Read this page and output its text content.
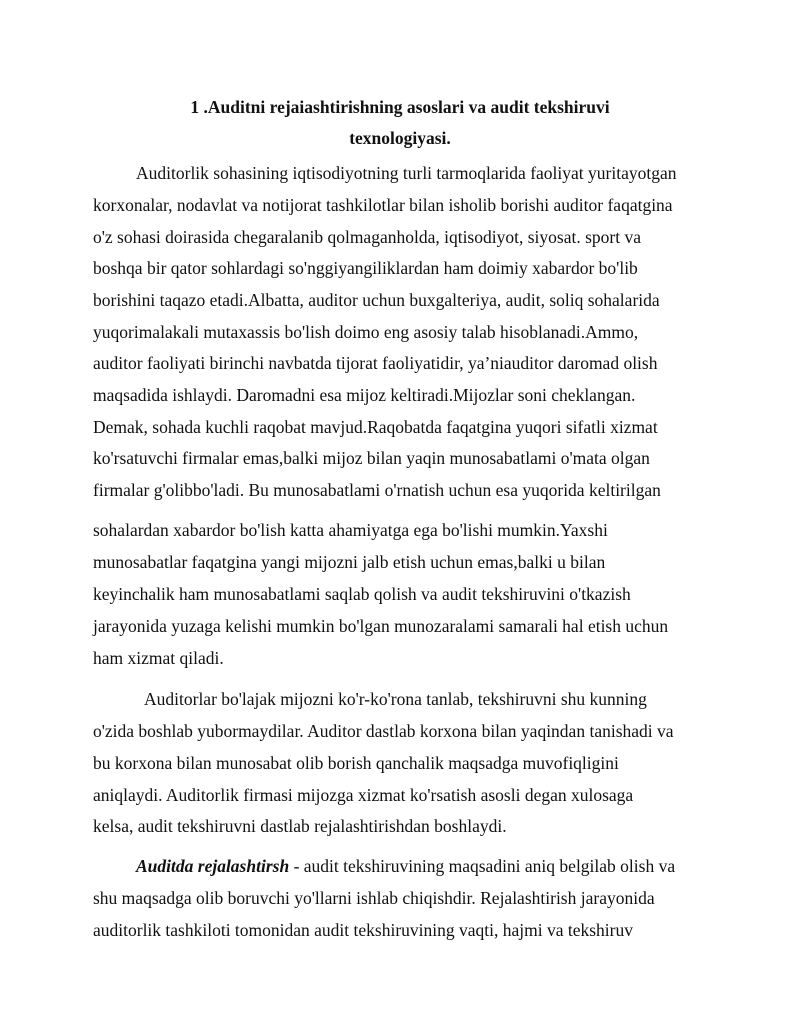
1 .Auditni rejaiashtirishning asoslari va audit tekshiruvi
texnologiyasi.

Auditorlik sohasining iqtisodiyotning turli tarmoqlarida faoliyat yuritayotgan

korxonalar, nodavlat va notijorat tashkilotlar bilan isholib borishi auditor faqatgina

o'z sohasi doirasida chegaralanib qolmaganholda, iqtisodiyot, siyosat. sport va

boshqa bir qator sohlardagi so'nggiyangiliklardan ham doimiy xabardor bo'lib

borishini taqazo etadi.Albatta, auditor uchun buxgalteriya, audit, soliq sohalarida

yuqorimalakali mutaxassis bo'lish doimo eng asosiy talab hisoblanadi.Ammo,

auditor faoliyati birinchi navbatda tijorat faoliyatidir, ya’niauditor daromad olish

maqsadida ishlaydi. Daromadni esa mijoz keltiradi.Mijozlar soni cheklangan.

Demak, sohada kuchli raqobat mavjud.Raqobatda faqatgina yuqori sifatli xizmat

ko'rsatuvchi firmalar emas,balki mijoz bilan yaqin munosabatlami o'mata olgan

firmalar g'olibbo'ladi. Bu munosabatlami o'rnatish uchun esa yuqorida keltirilgan

sohalardan xabardor bo'lish katta ahamiyatga ega bo'lishi mumkin.Yaxshi

munosabatlar faqatgina yangi mijozni jalb etish uchun emas,balki u bilan

keyinchalik ham munosabatlami saqlab qolish va audit tekshiruvini o'tkazish

jarayonida yuzaga kelishi mumkin bo'lgan munozaralami samarali hal etish uchun

ham xizmat qiladi.

Auditorlar bo'lajak mijozni ko'r-ko'rona tanlab, tekshiruvni shu kunning

o'zida boshlab yubormaydilar. Auditor dastlab korxona bilan yaqindan tanishadi va

bu korxona bilan munosabat olib borish qanchalik maqsadga muvofiqligini

aniqlaydi. Auditorlik firmasi mijozga xizmat ko'rsatish asosli degan xulosaga

kelsa, audit tekshiruvni dastlab rejalashtirishdan boshlaydi.

Auditda rejalashtirsh - audit tekshiruvining maqsadini aniq belgilab olish va

shu maqsadga olib boruvchi yo'llarni ishlab chiqishdir. Rejalashtirish jarayonida

auditorlik tashkiloti tomonidan audit tekshiruvining vaqti, hajmi va tekshiruv
